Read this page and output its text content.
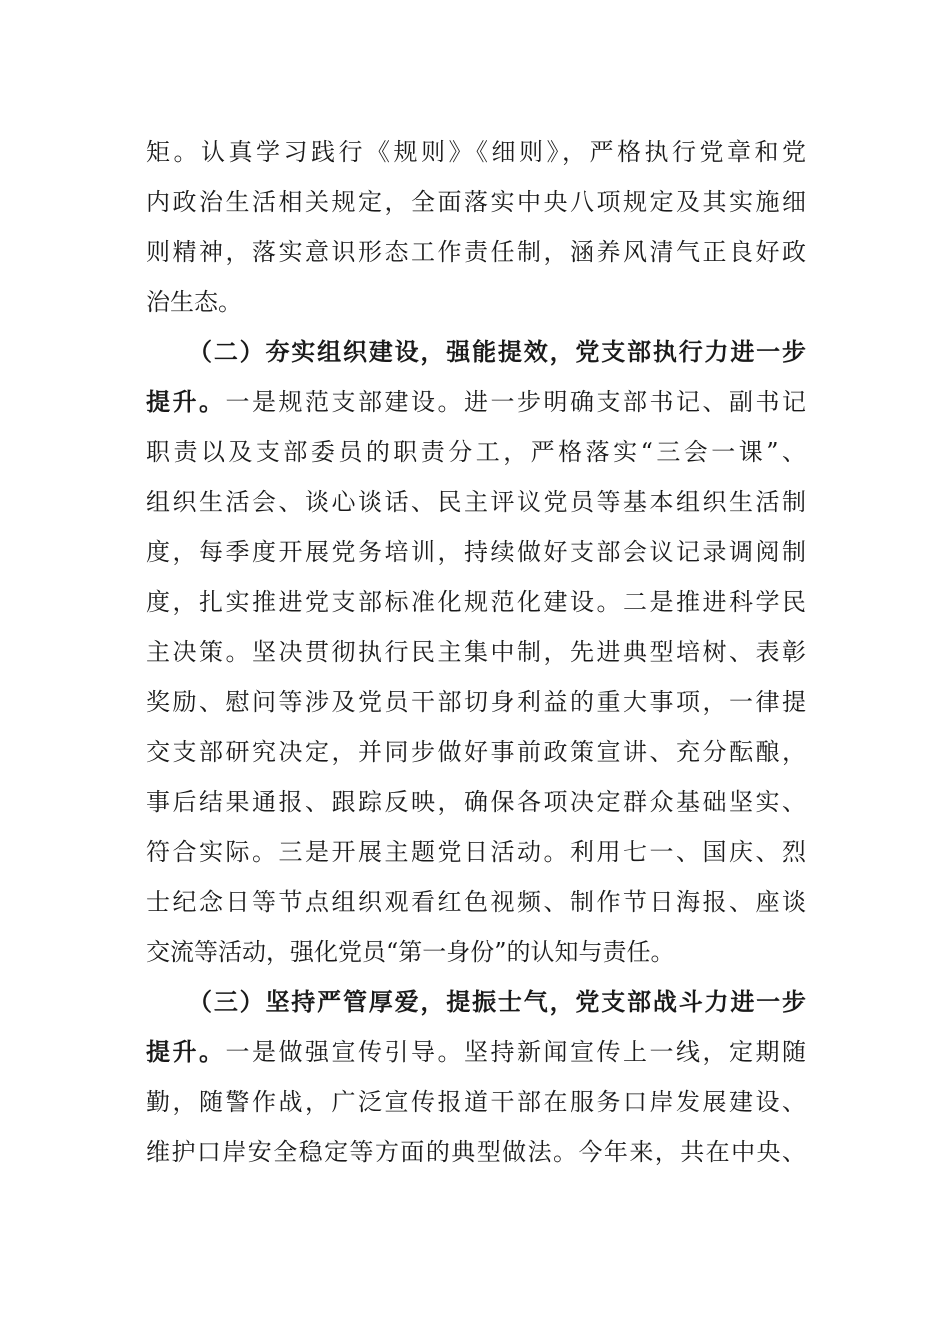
矩。认真学习践行《规则》《细则》，严格执行党章和党
内政治生活相关规定，全面落实中央八项规定及其实施细
则精神，落实意识形态工作责任制，涵养风清气正良好政
治生态。
（二）夯实组织建设，强能提效，党支部执行力进一步
提升。一是规范支部建设。进一步明确支部书记、副书记
职责以及支部委员的职责分工，严格落实“三会一课”、
组织生活会、谈心谈话、民主评议党员等基本组织生活制
度，每季度开展党务培训，持续做好支部会议记录调阅制
度，扎实推进党支部标准化规范化建设。二是推进科学民
主决策。坚决贯彻执行民主集中制，先进典型培树、表彰
奖励、慰问等涉及党员干部切身利益的重大事项，一律提
交支部研究决定，并同步做好事前政策宣讲、充分酝酿，
事后结果通报、跟踪反映，确保各项决定群众基础坚实、
符合实际。三是开展主题党日活动。利用七一、国庆、烈
士纪念日等节点组织观看红色视频、制作节日海报、座谈
交流等活动，强化党员“第一身份”的认知与责任。
（三）坚持严管厚爱，提振士气，党支部战斗力进一步
提升。一是做强宣传引导。坚持新闻宣传上一线，定期随
勤，随警作战，广泛宣传报道干部在服务口岸发展建设、
维护口岸安全稳定等方面的典型做法。今年来，共在中央、
